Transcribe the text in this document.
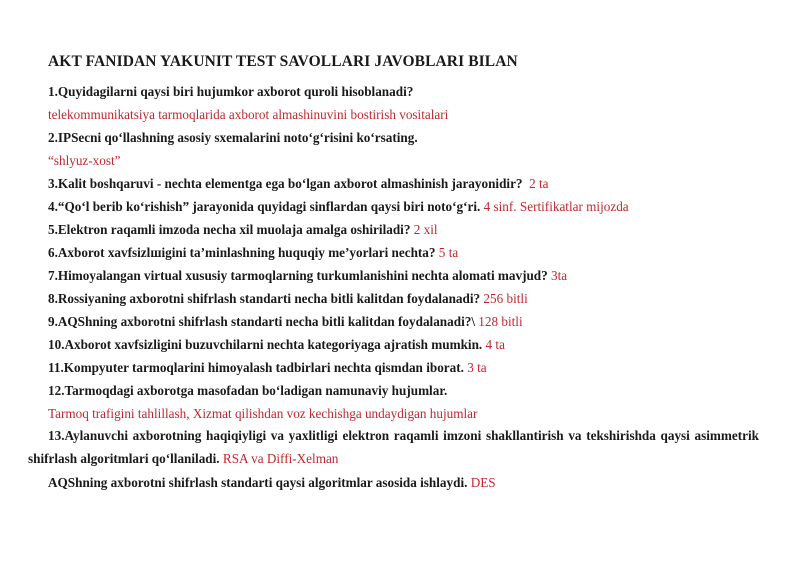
AKT FANIDAN YAKUNIT TEST SAVOLLARI JAVOBLARI BILAN
1.Quyidagilarni qaysi biri hujumkor axborot quroli hisoblanadi?
telekommunikatsiya tarmoqlarida axborot almashinuvini bostirish vositalari
2.IPSecni qo‘llashning asosiy sxemalarini noto‘g‘risini ko‘rsating.
“shlyuz-xost”
3.Kalit boshqaruvi - nechta elementga ega bo‘lgan axborot almashinish jarayonidir? 2 ta
4.“Qo‘l berib ko‘rishish” jarayonida quyidagi sinflardan qaysi biri noto‘g‘ri. 4 sinf. Sertifikatlar mijozda
5.Elektron raqamli imzoda necha xil muolaja amalga oshiriladi? 2 xil
6.Axborot xavfsizlшigini ta’minlashning huquqiy me’yorlari nechta? 5 ta
7.Himoyalangan virtual xususiy tarmoqlarning turkumlanishini nechta alomati mavjud? 3ta
8.Rossiyaning axborotni shifrlash standarti necha bitli kalitdan foydalanadi? 256 bitli
9.AQShning axborotni shifrlash standarti necha bitli kalitdan foydalanadi?\ 128 bitli
10.Axborot xavfsizligini buzuvchilarni nechta kategoriyaga ajratish mumkin. 4 ta
11.Kompyuter tarmoqlarini himoyalash tadbirlari nechta qismdan iborat. 3 ta
12.Tarmoqdagi axborotga masofadan bo‘ladigan namunaviy hujumlar.
Tarmoq trafigini tahlillash, Xizmat qilishdan voz kechishga undaydigan hujumlar
13.Aylanuvchi axborotning haqiqiyligi va yaxlitligi elektron raqamli imzoni shakllantirish va tekshirishda qaysi asimmetrik shifrlash algoritmlari qo‘llaniladi. RSA va Diffi-Xelman
AQShning axborotni shifrlash standarti qaysi algoritmlar asosida ishlaydi. DES
